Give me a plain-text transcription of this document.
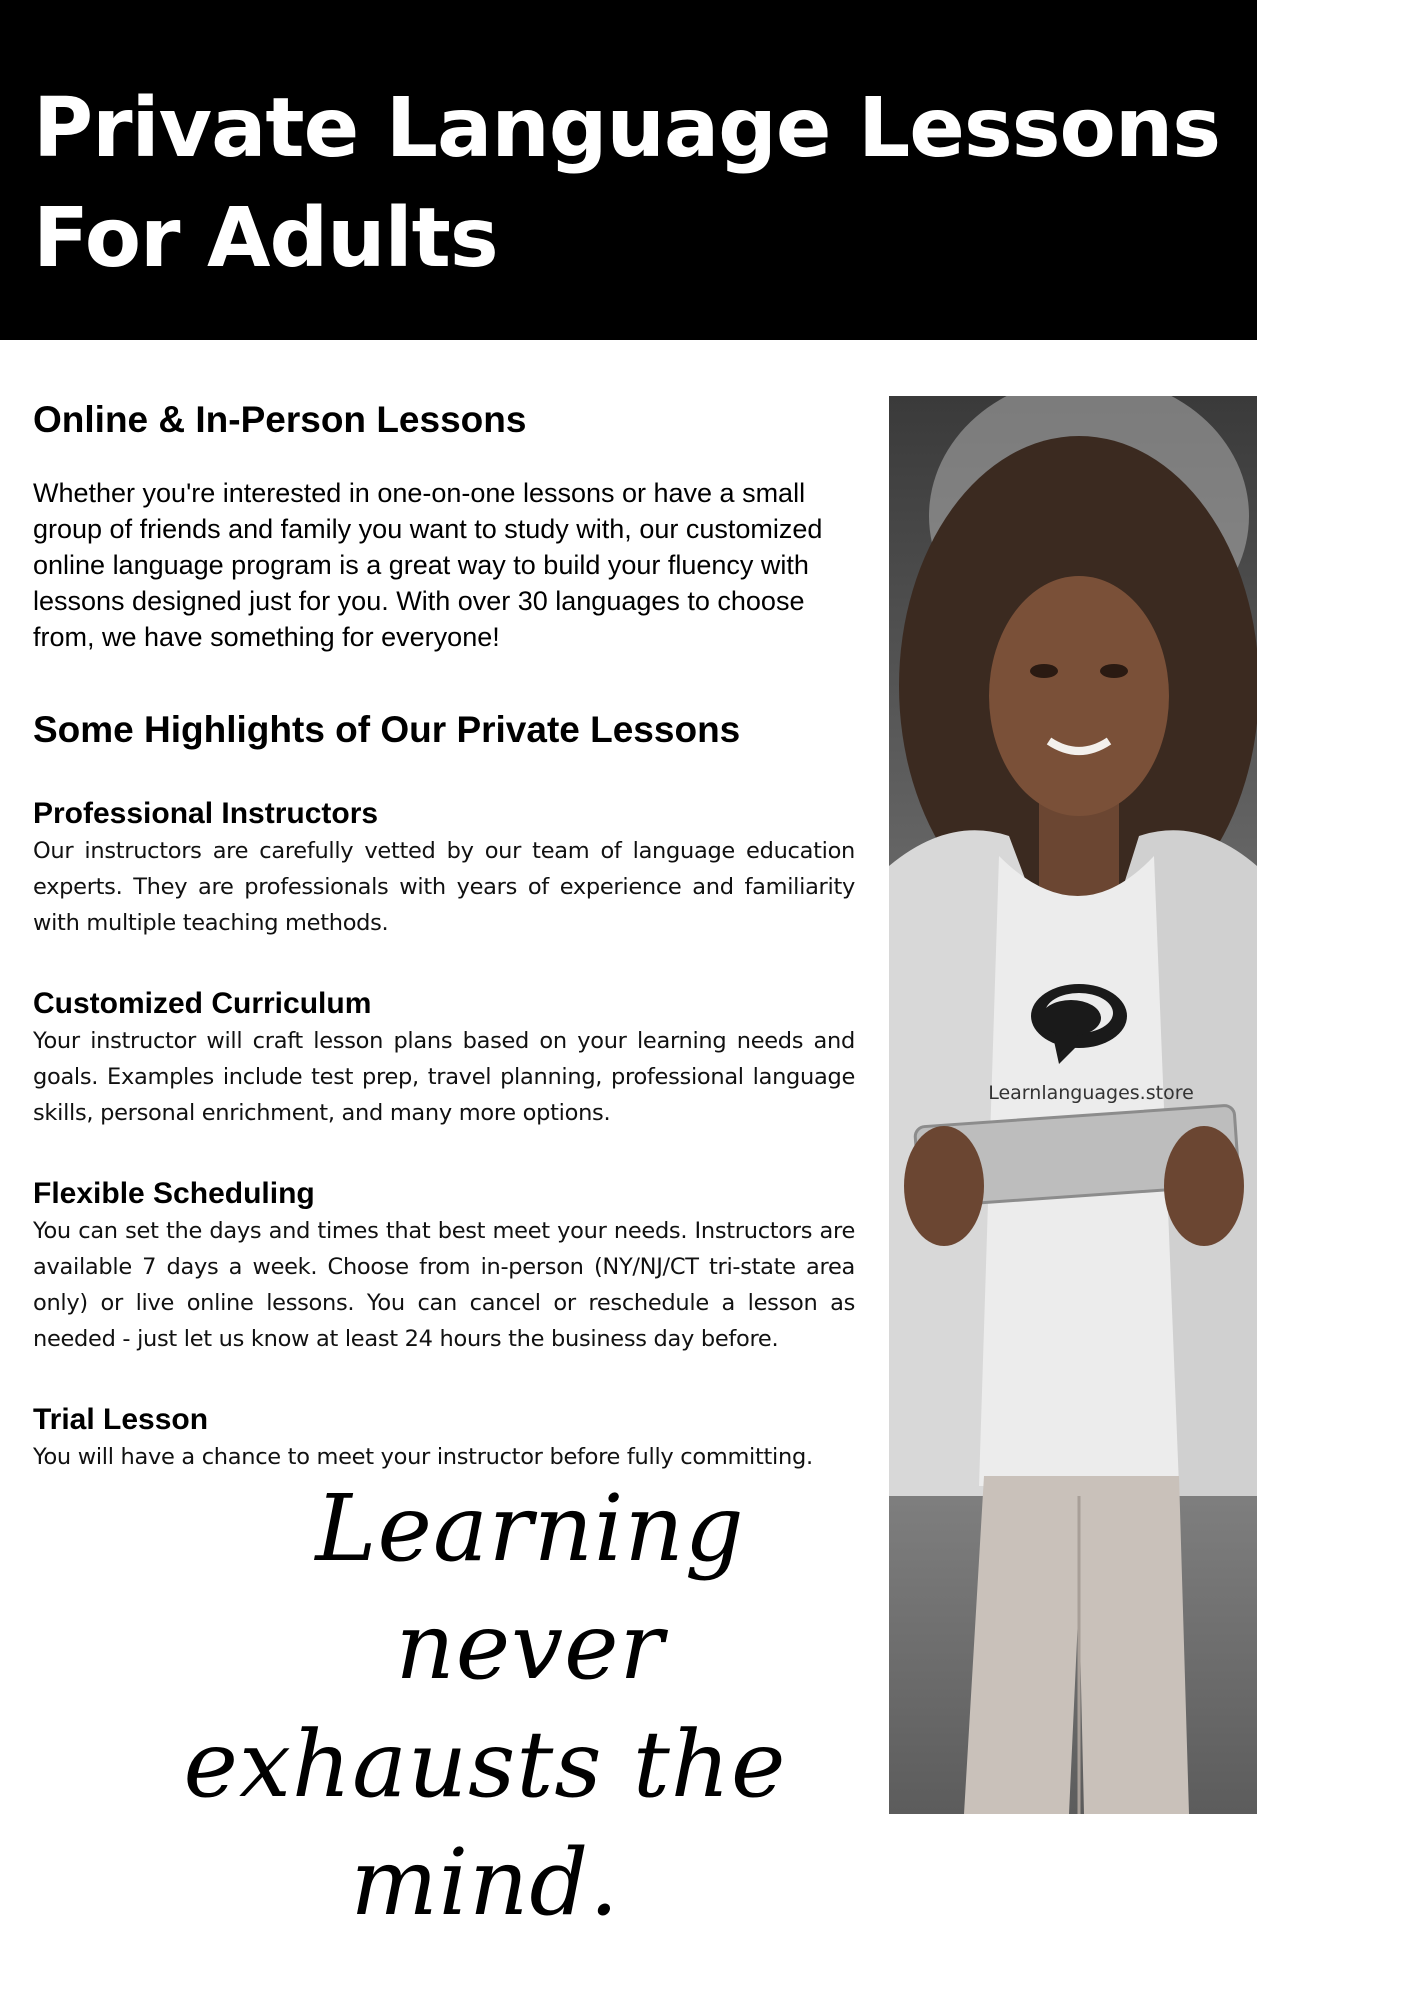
Private Language Lessons For Adults
Online & In-Person Lessons

Whether you're interested in one-on-one lessons or have a small group of friends and family you want to study with, our customized online language program is a great way to build your fluency with lessons designed just for you. With over 30 languages to choose from, we have something for everyone!

Some Highlights of Our Private Lessons
Professional Instructors

Our instructors are carefully vetted by our team of language education experts. They are professionals with years of experience and familiarity with multiple teaching methods.

Customized Curriculum

Your instructor will craft lesson plans based on your learning needs and goals. Examples include test prep, travel planning, professional language skills, personal enrichment, and many more options.

Flexible Scheduling

You can set the days and times that best meet your needs. Instructors are available 7 days a week. Choose from in-person (NY/NJ/CT tri-state area only) or live online lessons. You can cancel or reschedule a lesson as needed - just let us know at least 24 hours the business day before.

Trial Lesson

You will have a chance to meet your instructor before fully committing.

Learning never
exhausts the mind.
Learnlanguages.store
